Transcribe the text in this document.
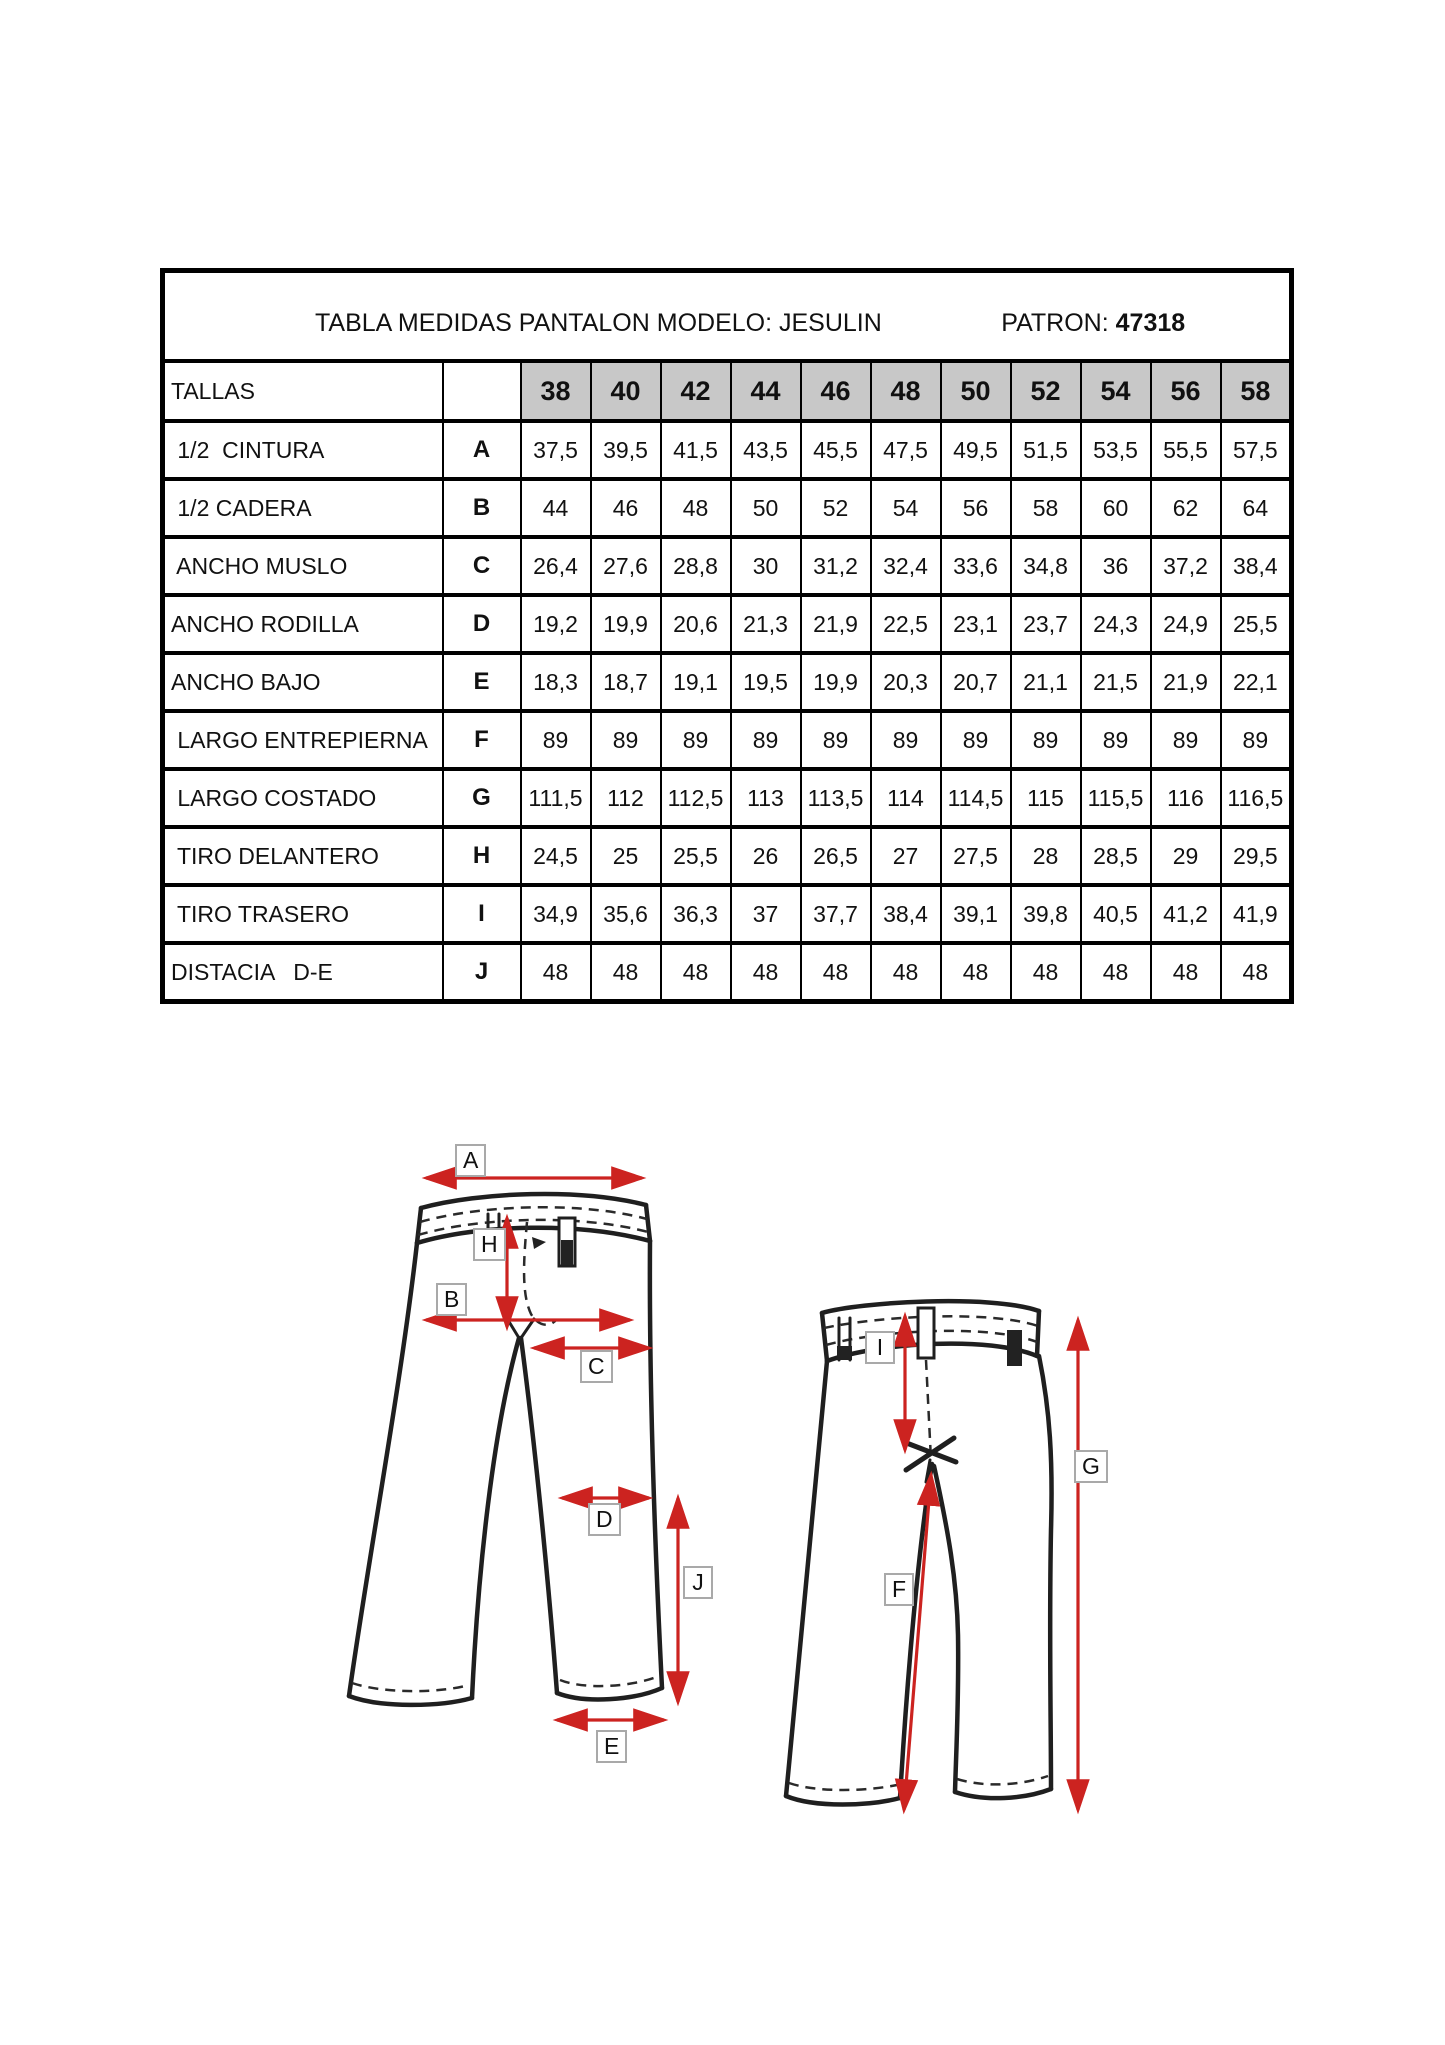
TABLA MEDIDAS PANTALON MODELO: JESULIN PATRON: 47318												

TALLAS		38	40	42	44	46	48	50	52	54	56	58
1/2  CINTURA	A	37,5	39,5	41,5	43,5	45,5	47,5	49,5	51,5	53,5	55,5	57,5
1/2 CADERA	B	44	46	48	50	52	54	56	58	60	62	64
ANCHO MUSLO	C	26,4	27,6	28,8	30	31,2	32,4	33,6	34,8	36	37,2	38,4
ANCHO RODILLA	D	19,2	19,9	20,6	21,3	21,9	22,5	23,1	23,7	24,3	24,9	25,5
ANCHO BAJO	E	18,3	18,7	19,1	19,5	19,9	20,3	20,7	21,1	21,5	21,9	22,1
LARGO ENTREPIERNA	F	89	89	89	89	89	89	89	89	89	89	89
LARGO COSTADO	G	111,5	112	112,5	113	113,5	114	114,5	115	115,5	116	116,5
TIRO DELANTERO	H	24,5	25	25,5	26	26,5	27	27,5	28	28,5	29	29,5
TIRO TRASERO	I	34,9	35,6	36,3	37	37,7	38,4	39,1	39,8	40,5	41,2	41,9
DISTACIA   D-E	J	48	48	48	48	48	48	48	48	48	48	48
A
H
B
C
D
J
E
I
G
F
